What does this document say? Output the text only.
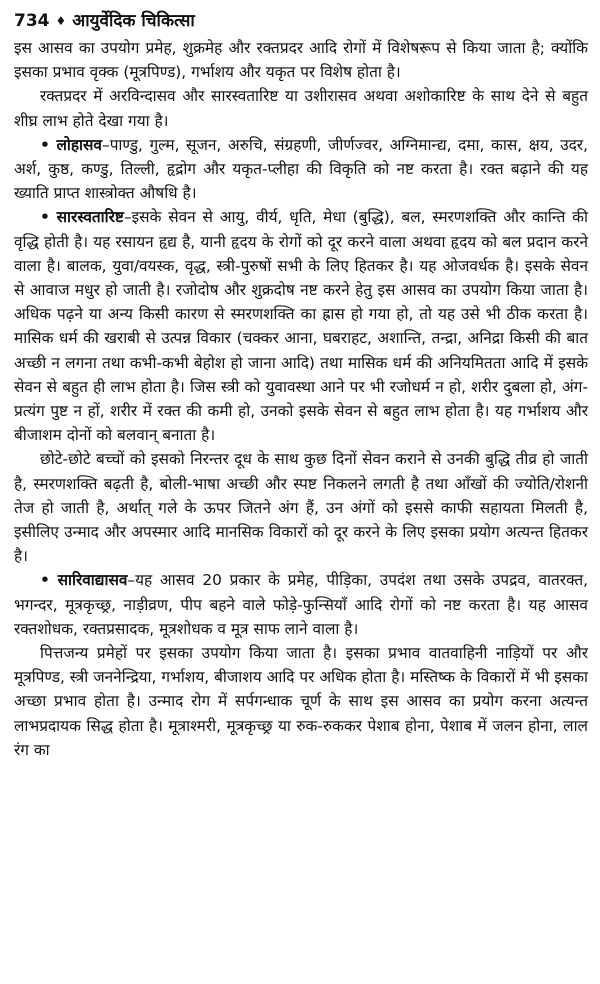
734 ♦ आयुर्वेदिक चिकित्सा

इस आसव का उपयोग प्रमेह, शुक्रमेह और रक्तप्रदर आदि रोगों में विशेषरूप से किया जाता है; क्योंकि इसका प्रभाव वृक्क (मूत्रपिण्ड), गर्भाशय और यकृत पर विशेष होता है।

रक्तप्रदर में अरविन्दासव और सारस्वतारिष्ट या उशीरासव अथवा अशोकारिष्ट के साथ देने से बहुत शीघ्र लाभ होते देखा गया है।

• लोहासव–पाण्डु, गुल्म, सूजन, अरुचि, संग्रहणी, जीर्णज्वर, अग्निमान्द्य, दमा, कास, क्षय, उदर, अर्श, कुष्ठ, कण्डु, तिल्ली, हृद्रोग और यकृत-प्लीहा की विकृति को नष्ट करता है। रक्त बढ़ाने की यह ख्याति प्राप्त शास्त्रोक्त औषधि है।

• सारस्वतारिष्ट–इसके सेवन से आयु, वीर्य, धृति, मेधा (बुद्धि), बल, स्मरणशक्ति और कान्ति की वृद्धि होती है। यह रसायन हृद्य है, यानी हृदय के रोगों को दूर करने वाला अथवा हृदय को बल प्रदान करने वाला है। बालक, युवा/वयस्क, वृद्ध, स्त्री-पुरुषों सभी के लिए हितकर है। यह ओजवर्धक है। इसके सेवन से आवाज मधुर हो जाती है। रजोदोष और शुक्रदोष नष्ट करने हेतु इस आसव का उपयोग किया जाता है। अधिक पढ़ने या अन्य किसी कारण से स्मरणशक्ति का ह्रास हो गया हो, तो यह उसे भी ठीक करता है। मासिक धर्म की खराबी से उत्पन्न विकार (चक्कर आना, घबराहट, अशान्ति, तन्द्रा, अनिद्रा किसी की बात अच्छी न लगना तथा कभी-कभी बेहोश हो जाना आदि) तथा मासिक धर्म की अनियमितता आदि में इसके सेवन से बहुत ही लाभ होता है। जिस स्त्री को युवावस्था आने पर भी रजोधर्म न हो, शरीर दुबला हो, अंग-प्रत्यंग पुष्ट न हों, शरीर में रक्त की कमी हो, उनको इसके सेवन से बहुत लाभ होता है। यह गर्भाशय और बीजाशम दोनों को बलवान् बनाता है।

छोटे-छोटे बच्चों को इसको निरन्तर दूध के साथ कुछ दिनों सेवन कराने से उनकी बुद्धि तीव्र हो जाती है, स्मरणशक्ति बढ़ती है, बोली-भाषा अच्छी और स्पष्ट निकलने लगती है तथा आँखों की ज्योति/रोशनी तेज हो जाती है, अर्थात् गले के ऊपर जितने अंग हैं, उन अंगों को इससे काफी सहायता मिलती है, इसीलिए उन्माद और अपस्मार आदि मानसिक विकारों को दूर करने के लिए इसका प्रयोग अत्यन्त हितकर है।

• सारिवाद्यासव–यह आसव 20 प्रकार के प्रमेह, पीड़िका, उपदंश तथा उसके उपद्रव, वातरक्त, भगन्दर, मूत्रकृच्छ्र, नाड़ीव्रण, पीप बहने वाले फोड़े-फुन्सियाँ आदि रोगों को नष्ट करता है। यह आसव रक्तशोधक, रक्तप्रसादक, मूत्रशोधक व मूत्र साफ लाने वाला है।

पित्तजन्य प्रमेहों पर इसका उपयोग किया जाता है। इसका प्रभाव वातवाहिनी नाड़ियों पर और मूत्रपिण्ड, स्त्री जननेन्द्रिया, गर्भाशय, बीजाशय आदि पर अधिक होता है। मस्तिष्क के विकारों में भी इसका अच्छा प्रभाव होता है। उन्माद रोग में सर्पगन्धाक चूर्ण के साथ इस आसव का प्रयोग करना अत्यन्त लाभप्रदायक सिद्ध होता है। मूत्राश्मरी, मूत्रकृच्छ्र या रुक-रुककर पेशाब होना, पेशाब में जलन होना, लाल रंग का
